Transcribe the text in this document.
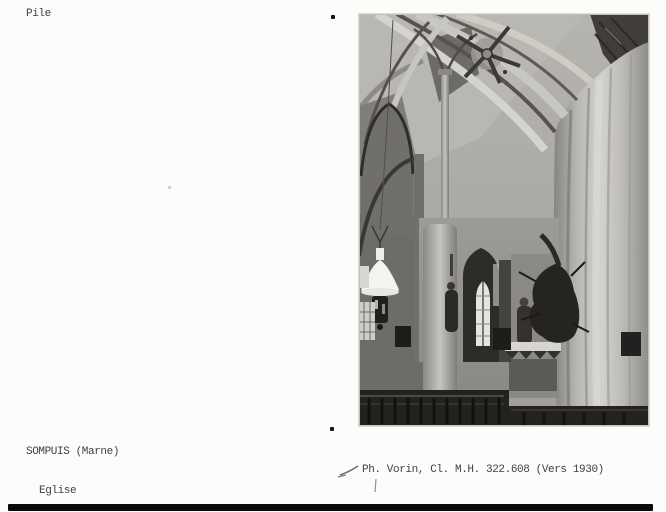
Pile

SOMPUIS (Marne)

Eglise

Ph. Vorin, Cl. M.H. 322.608 (Vers 1930)
